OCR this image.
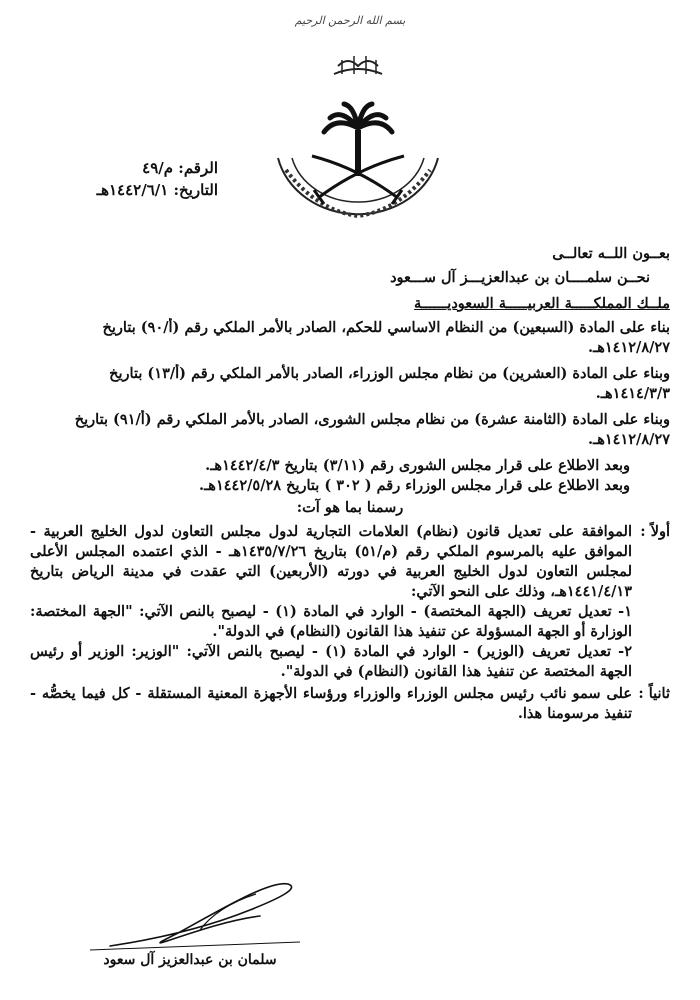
بسم الله الرحمن الرحيم
الرقم: م/٤٩
التاريخ: ١٤٤٢/٦/١هـ
بعــون اللــه تعالــى
نحــن سلمــــان بن عبدالعزيـــز آل ســـعود
ملــك المملكـــــة العربيـــــة السعوديــــــة
بناء على المادة (السبعين) من النظام الاساسي للحكم، الصادر بالأمر الملكي رقم (أ/٩٠) بتاريخ ١٤١٢/٨/٢٧هـ.
وبناء على المادة (العشرين) من نظام مجلس الوزراء، الصادر بالأمر الملكي رقم (أ/١٣) بتاريخ ١٤١٤/٣/٣هـ.
وبناء على المادة (الثامنة عشرة) من نظام مجلس الشورى، الصادر بالأمر الملكي رقم (أ/٩١) بتاريخ ١٤١٢/٨/٢٧هـ.
وبعد الاطلاع على قرار مجلس الشورى رقم (٣/١١) بتاريخ ١٤٤٢/٤/٣هـ.
وبعد الاطلاع على قرار مجلس الوزراء رقم ( ٣٠٢ ) بتاريخ ١٤٤٢/٥/٢٨هـ.
رسمنا بما هو آت:
أولاً :
الموافقة على تعديل قانون (نظام) العلامات التجارية لدول مجلس التعاون لدول الخليج العربية - الموافق عليه بالمرسوم الملكي رقم (م/٥١) بتاريخ ١٤٣٥/٧/٢٦هـ - الذي اعتمده المجلس الأعلى لمجلس التعاون لدول الخليج العربية في دورته (الأربعين) التي عقدت في مدينة الرياض بتاريخ ١٤٤١/٤/١٣هـ، وذلك على النحو الآتي:
١- تعديل تعريف (الجهة المختصة) - الوارد في المادة (١) - ليصبح بالنص الآتي: "الجهة المختصة: الوزارة أو الجهة المسؤولة عن تنفيذ هذا القانون (النظام) في الدولة".
٢- تعديل تعريف (الوزير) - الوارد في المادة (١) - ليصبح بالنص الآتي: "الوزير: الوزير أو رئيس الجهة المختصة عن تنفيذ هذا القانون (النظام) في الدولة".
ثانياً :
على سمو نائب رئيس مجلس الوزراء والوزراء ورؤساء الأجهزة المعنية المستقلة - كل فيما يخصُّه - تنفيذ مرسومنا هذا.
سلمان بن عبدالعزيز آل سعود
